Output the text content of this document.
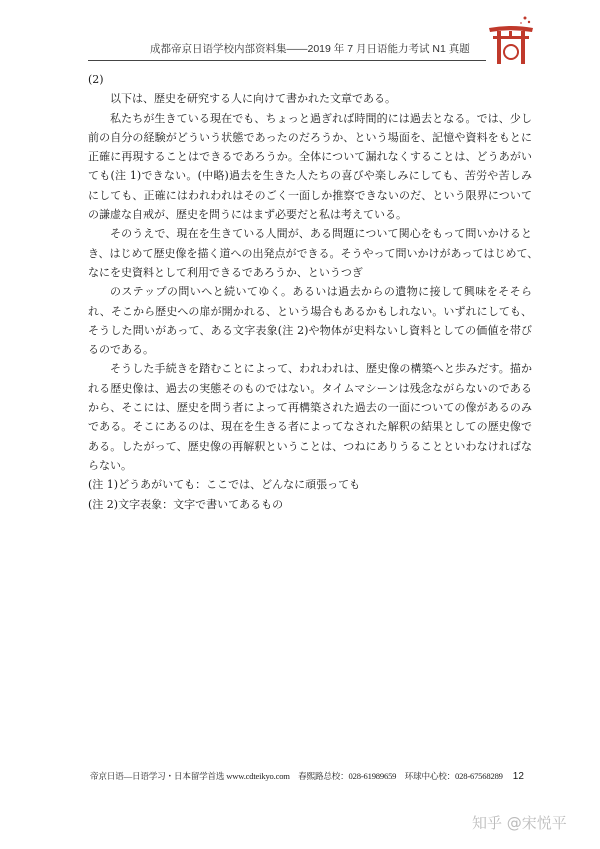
成都帝京日语学校内部资料集——2019 年 7 月日语能力考试 N1 真题
(2)
以下は、歴史を研究する人に向けて書かれた文章である。
私たちが生きている現在でも、ちょっと過ぎれば時間的には過去となる。では、少し
前の自分の経験がどういう状態であったのだろうか、という場面を、記憶や資料をもとに
正確に再現することはできるであろうか。全体について漏れなくすることは、どうあがい
ても(注 1)できない。(中略)過去を生きた人たちの喜びや楽しみにしても、苦労や苦しみ
にしても、正確にはわれわれはそのごく一面しか推察できないのだ、という限界について
の謙虚な自戒が、歴史を問うにはまず必要だと私は考えている。
そのうえで、現在を生きている人間が、ある問題について関心をもって問いかけると
き、はじめて歴史像を描く道への出発点ができる。そうやって問いかけがあってはじめて、
なにを史資料として利用できるであろうか、というつぎ
のステップの問いへと続いてゆく。あるいは過去からの遺物に接して興味をそそら
れ、そこから歴史への扉が開かれる、という場合もあるかもしれない。いずれにしても、
そうした問いがあって、ある文字表象(注 2)や物体が史料ないし資料としての価値を帯び
るのである。
そうした手続きを踏むことによって、われわれは、歴史像の構築へと歩みだす。描か
れる歴史像は、過去の実態そのものではない。タイムマシーンは残念ながらないのである
から、そこには、歴史を問う者によって再構築された過去の一面についての像があるのみ
である。そこにあるのは、現在を生きる者によってなされた解釈の結果としての歴史像で
ある。したがって、歴史像の再解釈ということは、つねにありうることといわなければな
らない。
(注 1)どうあがいても：ここでは、どんなに頑張っても
(注 2)文字表象：文字で書いてあるもの
帝京日语—日语学习・日本留学首选 www.cdteikyo.com　春熙路总校：028-61989659　环球中心校：028-67568289 12
知乎 @宋悦平
